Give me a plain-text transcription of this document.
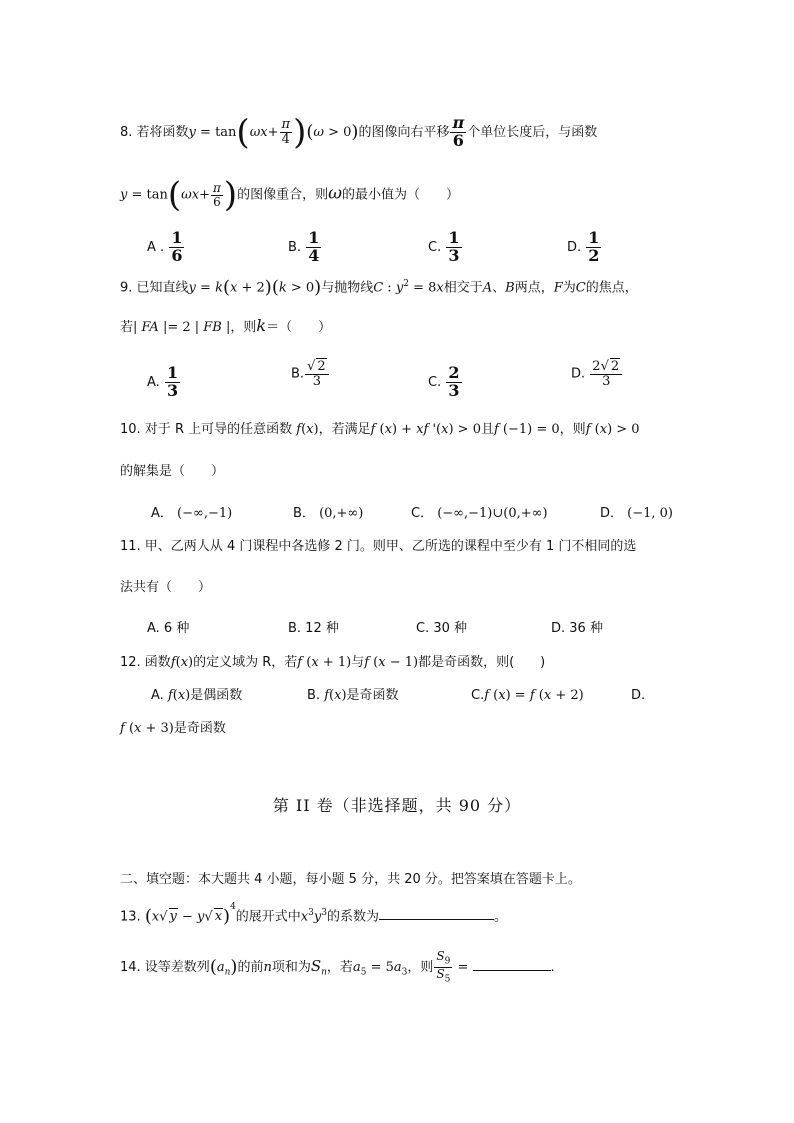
8. 若将函数$y = \tan(\omega x+ \frac{\pi}{4} )(\omega > 0)$的图像向右平移 $\frac{\pi}{6}$ 个单位长度后，与函数
$y = \tan(\omega x+ \frac{\pi}{6}$ )的图像重合，则ω的最小值为（　　）
A . $\frac{1}{6}$	B. $\frac{1}{4}$	C. $\frac{1}{3}$	D. $\frac{1}{2}$
9. 已知直线y = k(x + 2)(k > 0)与抛物线C : $y^2 = 8x$相交于A、B两点，F为C的焦点，
若| FA |= 2 | FB |，则k＝（　　）
A. $\frac{1}{3}$	B. $\frac{√ 2}{3}$	C. $\frac{2}{3}$	D. $\frac{2√ 2}{3}$
10. 对于 R 上可导的任意函数 f(x)，若满足f (x) + xf '(x) > 0且f (−1) = 0，则f (x) > 0
的解集是（　　）
A． (−∞,−1)	B． (0,+∞)	C． (−∞,−1)∪(0,+∞)	D． (−1, 0)
11. 甲、乙两人从 4 门课程中各选修 2 门。则甲、乙所选的课程中至少有 1 门不相同的选
法共有（　　）
A. 6 种	B. 12 种	C. 30 种	D. 36 种
12. 函数f(x)的定义域为 R，若f (x + 1)与f (x − 1)都是奇函数，则(　　)
A. f(x)是偶函数	B. f(x)是奇函数	C.f (x) = f (x + 2)	D.
f (x + 3)是奇函数
第 II 卷（非选择题，共 90 分）
二、填空题：本大题共 4 小题，每小题 5 分，共 20 分。把答案填在答题卡上。
13. (x√ y − y√ x)$^4$的展开式中$x^3y^3$的系数为	。
14. 设等差数列$(a_n)$的前n项和为$S_n$，若$a_5 = 5a_3$，则 $\frac{S_9}{S_5}$ =	.
